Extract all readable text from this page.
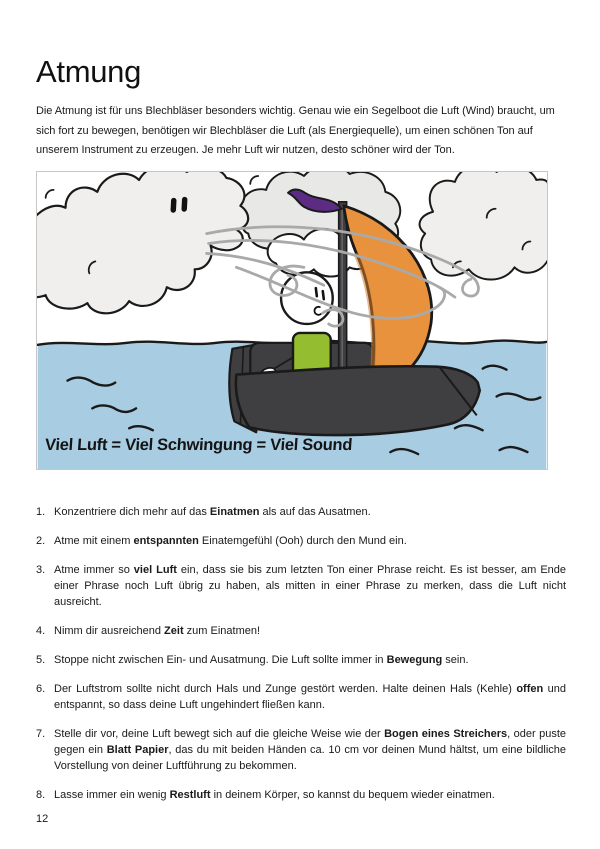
Atmung

Die Atmung ist für uns Blechbläser besonders wichtig. Genau wie ein Segelboot die Luft (Wind) braucht, um sich fort zu bewegen, benötigen wir Blechbläser die Luft (als Energiequelle), um einen schönen Ton auf unserem Instrument zu erzeugen. Je mehr Luft wir nutzen, desto schöner wird der Ton.

Viel Luft = Viel Schwingung = Viel Sound
1. Konzentriere dich mehr auf das Einatmen als auf das Ausatmen.
2. Atme mit einem entspannten Einatemgefühl (Ooh) durch den Mund ein.
3. Atme immer so viel Luft ein, dass sie bis zum letzten Ton einer Phrase reicht. Es ist besser, am Ende einer Phrase noch Luft übrig zu haben, als mitten in einer Phrase zu merken, dass die Luft nicht ausreicht.
4. Nimm dir ausreichend Zeit zum Einatmen!
5. Stoppe nicht zwischen Ein- und Ausatmung. Die Luft sollte immer in Bewegung sein.
6. Der Luftstrom sollte nicht durch Hals und Zunge gestört werden. Halte deinen Hals (Kehle) offen und entspannt, so dass deine Luft ungehindert fließen kann.
7. Stelle dir vor, deine Luft bewegt sich auf die gleiche Weise wie der Bogen eines Streichers, oder puste gegen ein Blatt Papier, das du mit beiden Händen ca. 10 cm vor deinen Mund hältst, um eine bildliche Vorstellung von deiner Luftführung zu bekommen.
8. Lasse immer ein wenig Restluft in deinem Körper, so kannst du bequem wieder einatmen.
12
